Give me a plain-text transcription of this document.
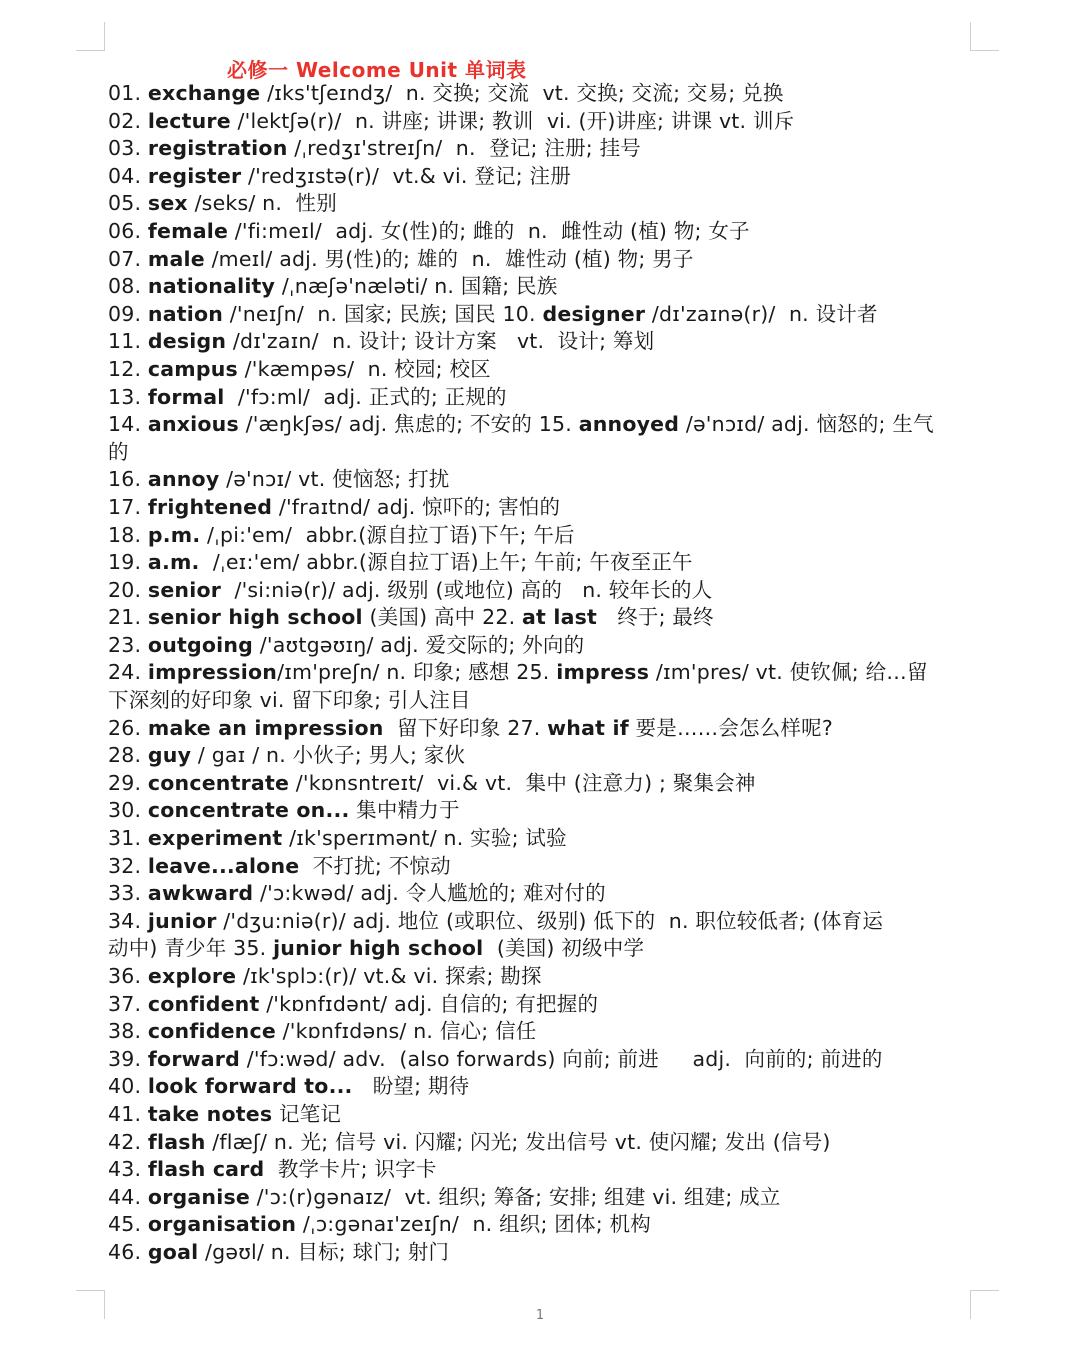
必修一 Welcome Unit 单词表
01. exchange /ɪks'tʃeɪndʒ/  n. 交换; 交流  vt. 交换; 交流; 交易; 兑换
02. lecture /'lektʃə(r)/  n. 讲座; 讲课; 教训  vi. (开)讲座; 讲课 vt. 训斥
03. registration /ˌredʒɪ'streɪʃn/  n.  登记; 注册; 挂号
04. register /'redʒɪstə(r)/  vt.& vi. 登记; 注册
05. sex /seks/ n.  性别
06. female /'fi:meɪl/  adj. 女(性)的; 雌的  n.  雌性动 (植) 物; 女子
07. male /meɪl/ adj. 男(性)的; 雄的  n.  雄性动 (植) 物; 男子
08. nationality /ˌnæʃə'næləti/ n. 国籍; 民族
09. nation /'neɪʃn/  n. 国家; 民族; 国民 10. designer /dɪ'zaɪnə(r)/  n. 设计者
11. design /dɪ'zaɪn/  n. 设计; 设计方案   vt.  设计; 筹划
12. campus /'kæmpəs/  n. 校园; 校区
13. formal  /'fɔ:ml/  adj. 正式的; 正规的
14. anxious /'æŋkʃəs/ adj. 焦虑的; 不安的 15. annoyed /ə'nɔɪd/ adj. 恼怒的; 生气
的
16. annoy /ə'nɔɪ/ vt. 使恼怒; 打扰
17. frightened /'fraɪtnd/ adj. 惊吓的; 害怕的
18. p.m. /ˌpi:'em/  abbr.(源自拉丁语)下午; 午后
19. a.m.  /ˌeɪ:'em/ abbr.(源自拉丁语)上午; 午前; 午夜至正午
20. senior  /'si:niə(r)/ adj. 级别 (或地位) 高的   n. 较年长的人
21. senior high school (美国) 高中 22. at last   终于; 最终
23. outgoing /'aʊtgəʊɪŋ/ adj. 爱交际的; 外向的
24. impression/ɪm'preʃn/ n. 印象; 感想 25. impress /ɪm'pres/ vt. 使钦佩; 给…留
下深刻的好印象 vi. 留下印象; 引人注目
26. make an impression  留下好印象 27. what if 要是……会怎么样呢?
28. guy / gaɪ / n. 小伙子; 男人; 家伙
29. concentrate /'kɒnsntreɪt/  vi.& vt.  集中 (注意力) ; 聚集会神
30. concentrate on... 集中精力于
31. experiment /ɪk'sperɪmənt/ n. 实验; 试验
32. leave...alone  不打扰; 不惊动
33. awkward /'ɔ:kwəd/ adj. 令人尴尬的; 难对付的
34. junior /'dʒu:niə(r)/ adj. 地位 (或职位、级别) 低下的  n. 职位较低者; (体育运
动中) 青少年 35. junior high school  (美国) 初级中学
36. explore /ɪk'splɔ:(r)/ vt.& vi. 探索; 勘探
37. confident /'kɒnfɪdənt/ adj. 自信的; 有把握的
38. confidence /'kɒnfɪdəns/ n. 信心; 信任
39. forward /'fɔ:wəd/ adv.  (also forwards) 向前; 前进     adj.  向前的; 前进的
40. look forward to...   盼望; 期待
41. take notes 记笔记
42. flash /flæʃ/ n. 光; 信号 vi. 闪耀; 闪光; 发出信号 vt. 使闪耀; 发出 (信号)
43. flash card  教学卡片; 识字卡
44. organise /'ɔ:(r)gənaɪz/  vt. 组织; 筹备; 安排; 组建 vi. 组建; 成立
45. organisation /ˌɔ:gənaɪ'zeɪʃn/  n. 组织; 团体; 机构
46. goal /gəʊl/ n. 目标; 球门; 射门
1
